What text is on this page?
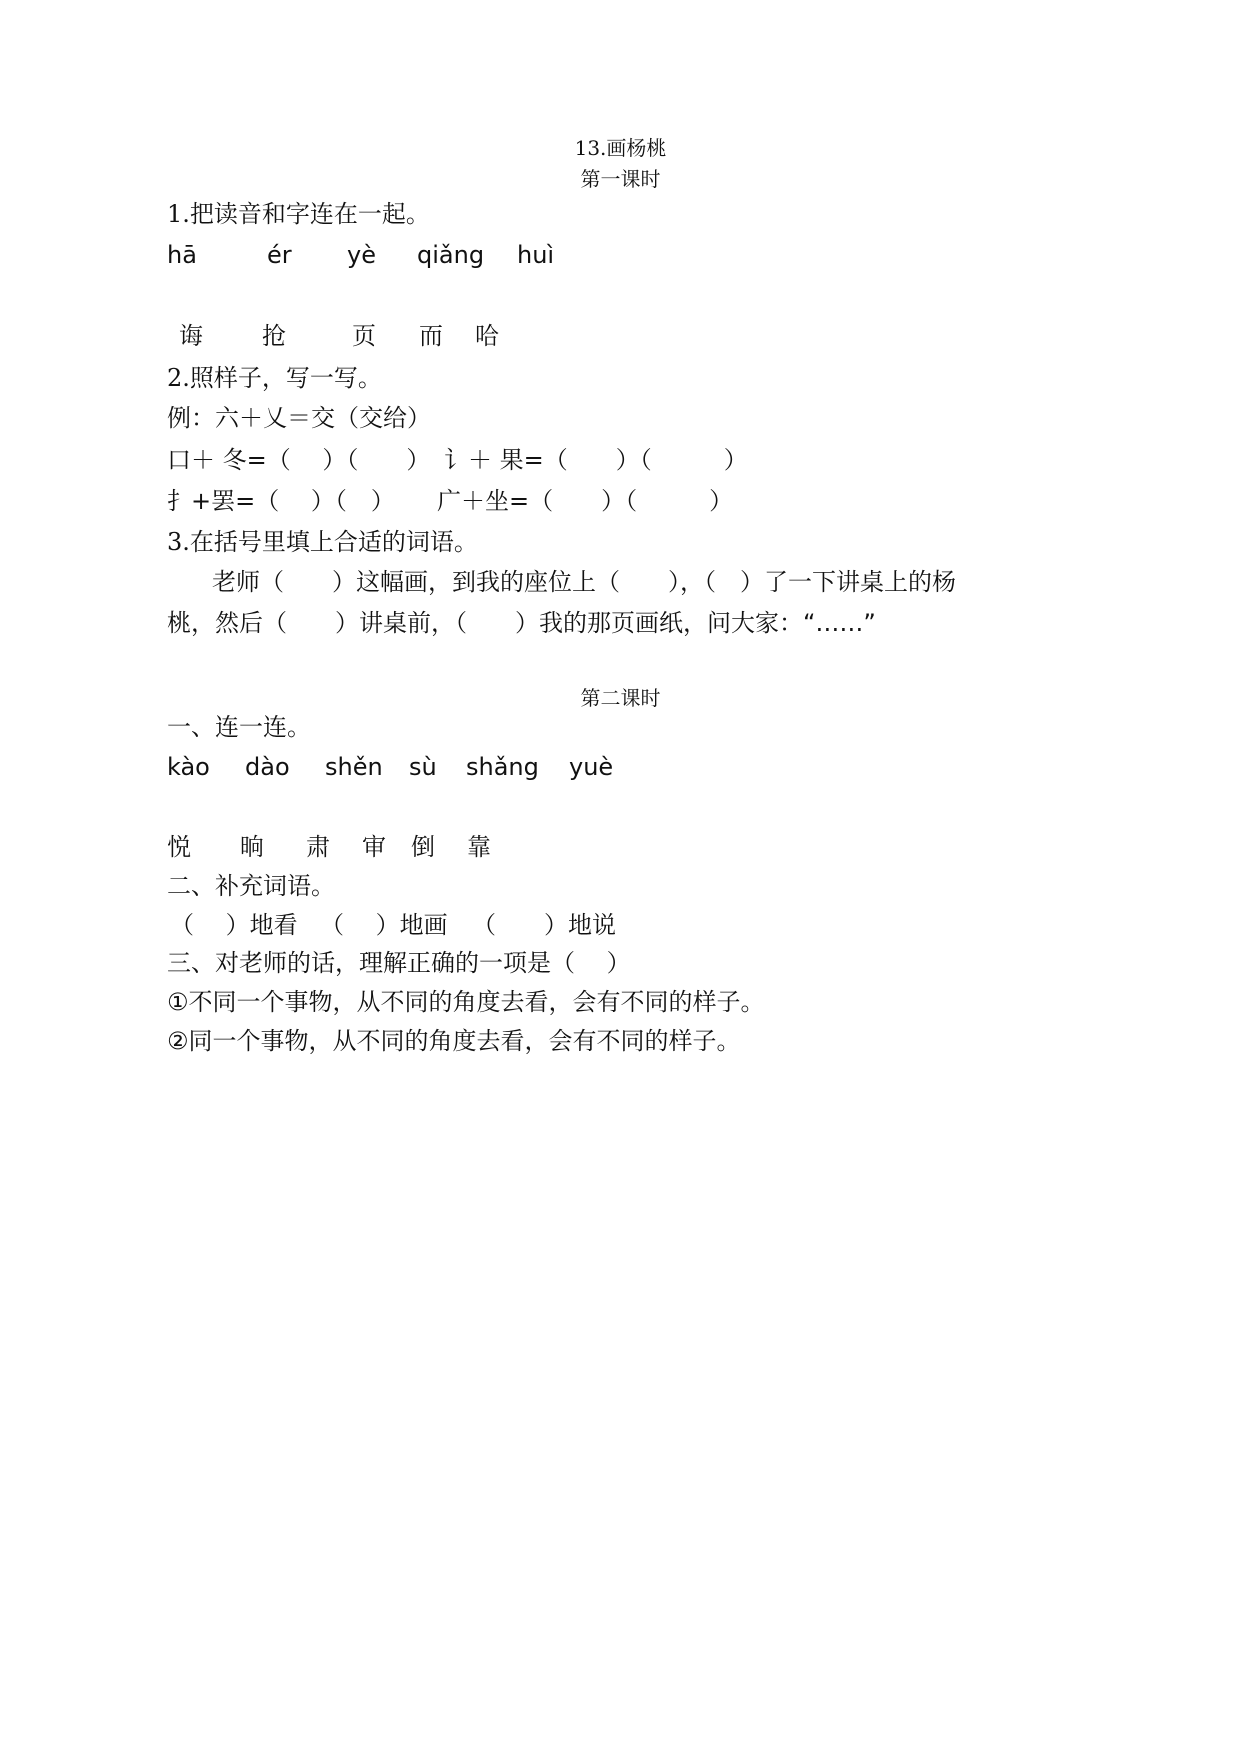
13.画杨桃
第一课时
1.把读音和字连在一起。
hā	ér yè qiǎng huì
诲 抢	页 而 哈
2.照样子，写一写。
例：六＋乂＝交（交给）
口＋ 冬=（　 ）（　　） 讠＋ 果=（　　）（　　　）
扌+罢=（　 ）（　） 广＋坐=（　　）（　　　）
3.在括号里填上合适的词语。
老师（　　）这幅画，到我的座位上（　　），（　）了一下讲桌上的杨
桃，然后（　　）讲桌前，（　　）我的那页画纸，问大家：“……”
第二课时
一、连一连。
kào dào shěn sù shǎng yuè
悦 晌 肃 审 倒 靠
二、补充词语。
（　 ）地看 （　 ）地画 （　　）地说
三、对老师的话，理解正确的一项是（　 ）
①不同一个事物，从不同的角度去看，会有不同的样子。
②同一个事物，从不同的角度去看，会有不同的样子。
